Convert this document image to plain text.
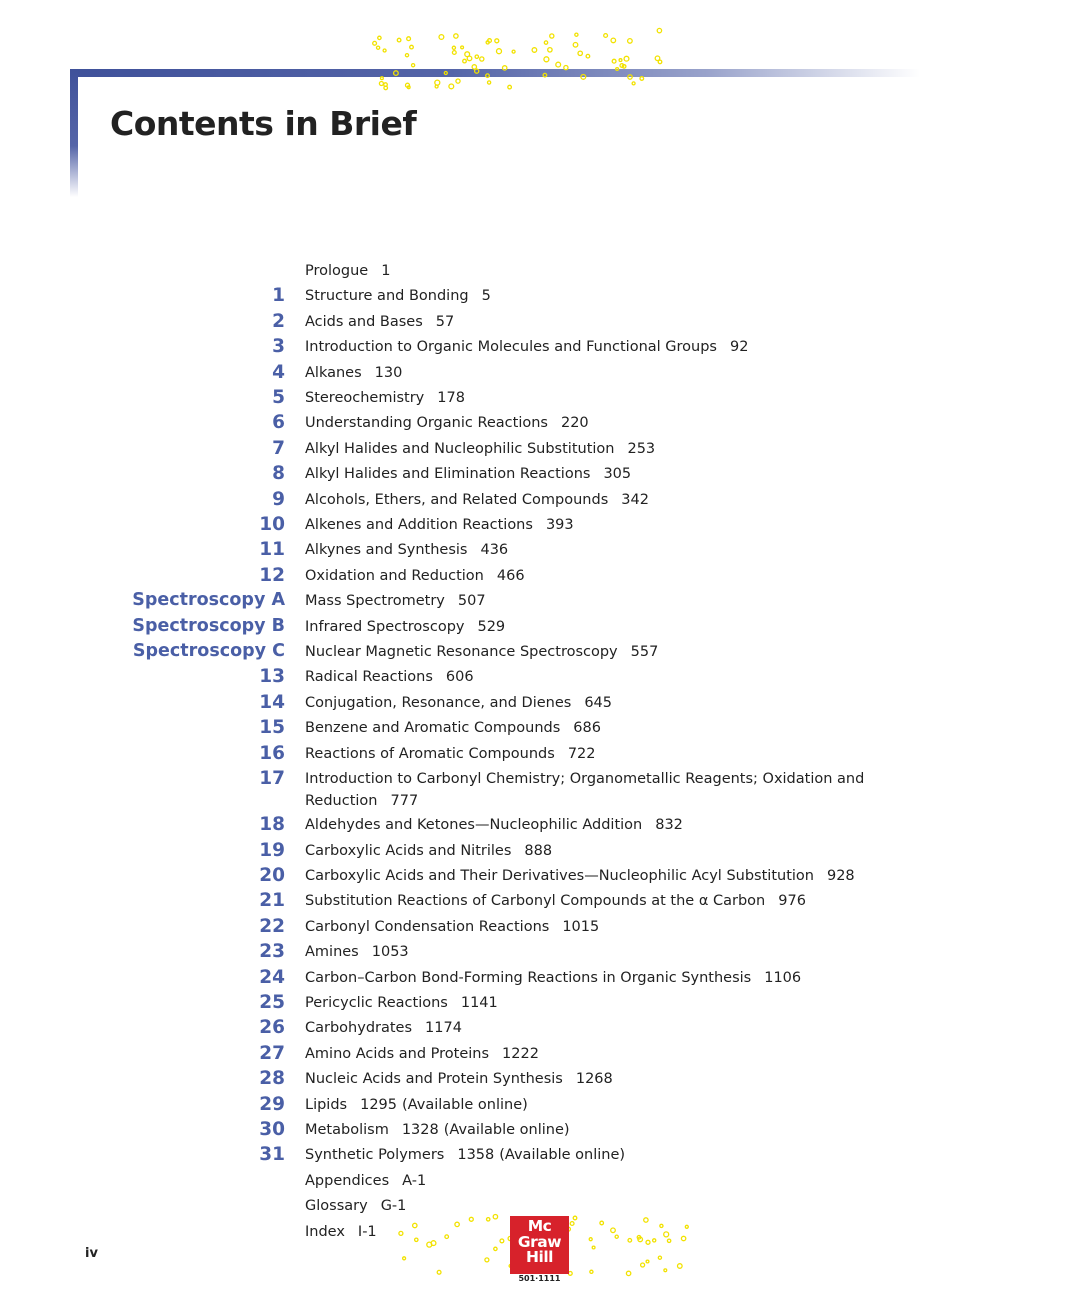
Contents in Brief
Prologue 1
1 Structure and Bonding 5
2 Acids and Bases 57
3 Introduction to Organic Molecules and Functional Groups 92
4 Alkanes 130
5 Stereochemistry 178
6 Understanding Organic Reactions 220
7 Alkyl Halides and Nucleophilic Substitution 253
8 Alkyl Halides and Elimination Reactions 305
9 Alcohols, Ethers, and Related Compounds 342
10 Alkenes and Addition Reactions 393
11 Alkynes and Synthesis 436
12 Oxidation and Reduction 466
Spectroscopy A Mass Spectrometry 507
Spectroscopy B Infrared Spectroscopy 529
Spectroscopy C Nuclear Magnetic Resonance Spectroscopy 557
13 Radical Reactions 606
14 Conjugation, Resonance, and Dienes 645
15 Benzene and Aromatic Compounds 686
16 Reactions of Aromatic Compounds 722
17 Introduction to Carbonyl Chemistry; Organometallic Reagents; Oxidation and Reduction 777
18 Aldehydes and Ketones—Nucleophilic Addition 832
19 Carboxylic Acids and Nitriles 888
20 Carboxylic Acids and Their Derivatives—Nucleophilic Acyl Substitution 928
21 Substitution Reactions of Carbonyl Compounds at the α Carbon 976
22 Carbonyl Condensation Reactions 1015
23 Amines 1053
24 Carbon–Carbon Bond-Forming Reactions in Organic Synthesis 1106
25 Pericyclic Reactions 1141
26 Carbohydrates 1174
27 Amino Acids and Proteins 1222
28 Nucleic Acids and Protein Synthesis 1268
29 Lipids 1295 (Available online)
30 Metabolism 1328 (Available online)
31 Synthetic Polymers 1358 (Available online)
Appendices A-1
Glossary G-1
Index I-1
iv
Mc
Graw
Hill
501·1111
